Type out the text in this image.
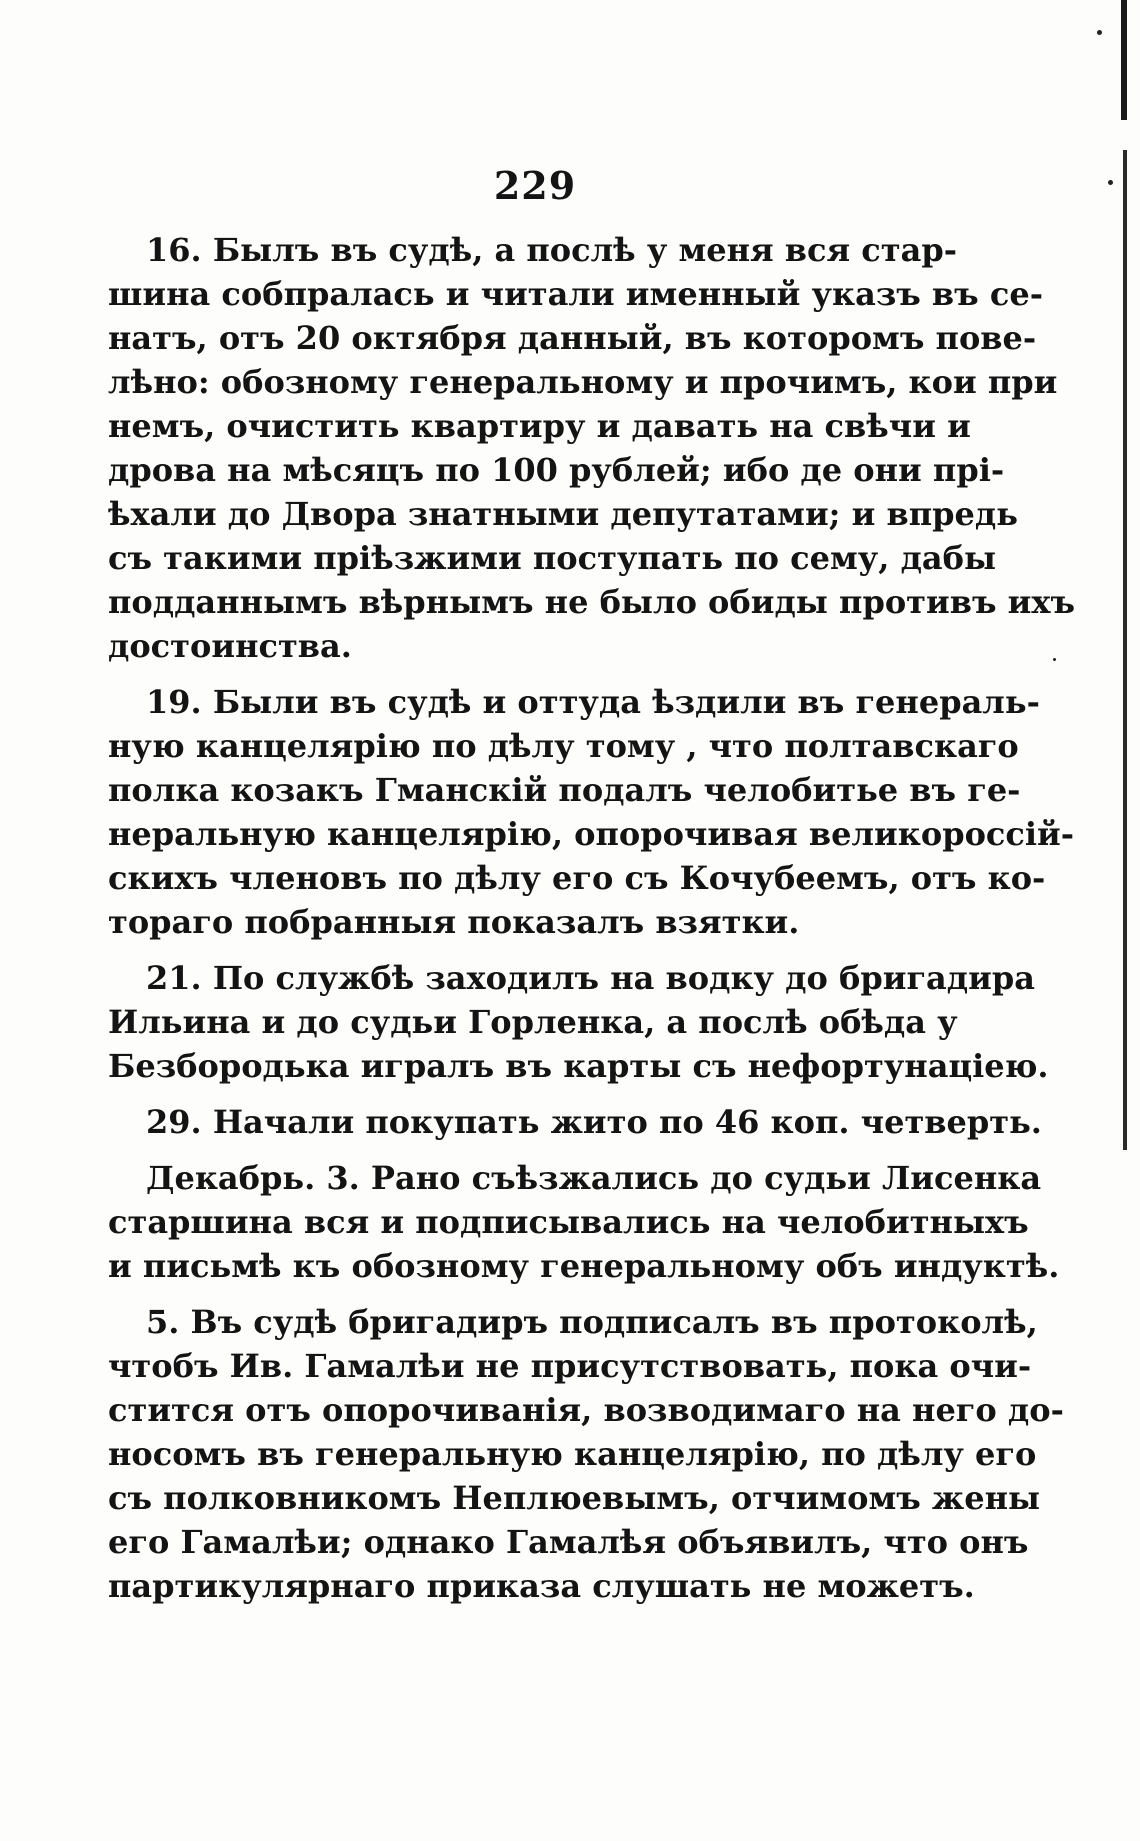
229
16. Былъ въ судѣ, а послѣ у меня вся стар-
шина собпралась и читали именный указъ въ се-
натъ, отъ 20 октября данный, въ которомъ пове-
лѣно: обозному генеральному и прочимъ, кои при
немъ, очистить квартиру и давать на свѣчи и
дрова на мѣсяцъ по 100 рублей; ибо де они прі-
ѣхали до Двора знатными депутатами; и впредь
съ такими пріѣзжими поступать по сему, дабы
подданнымъ вѣрнымъ не было обиды противъ ихъ
достоинства.
19. Были въ судѣ и оттуда ѣздили въ генераль-
ную канцелярію по дѣлу тому , что полтавскаго
полка козакъ Гманскій подалъ челобитье въ ге-
неральную канцелярію, опорочивая великороссій-
скихъ членовъ по дѣлу его съ Кочубеемъ, отъ ко-
тораго побранныя показалъ взятки.
21. По службѣ заходилъ на водку до бригадира
Ильина и до судьи Горленка, а послѣ обѣда у
Безбородька игралъ въ карты съ нефортунаціею.
29. Начали покупать жито по 46 коп. четверть.
Декабрь. 3. Рано съѣзжались до судьи Лисенка
старшина вся и подписывались на челобитныхъ
и письмѣ къ обозному генеральному объ индуктѣ.
5. Въ судѣ бригадиръ подписалъ въ протоколѣ,
чтобъ Ив. Гамалѣи не присутствовать, пока очи-
стится отъ опорочиванія, возводимаго на него до-
носомъ въ генеральную канцелярію, по дѣлу его
съ полковникомъ Неплюевымъ, отчимомъ жены
его Гамалѣи; однако Гамалѣя объявилъ, что онъ
партикулярнаго приказа слушать не можетъ.
